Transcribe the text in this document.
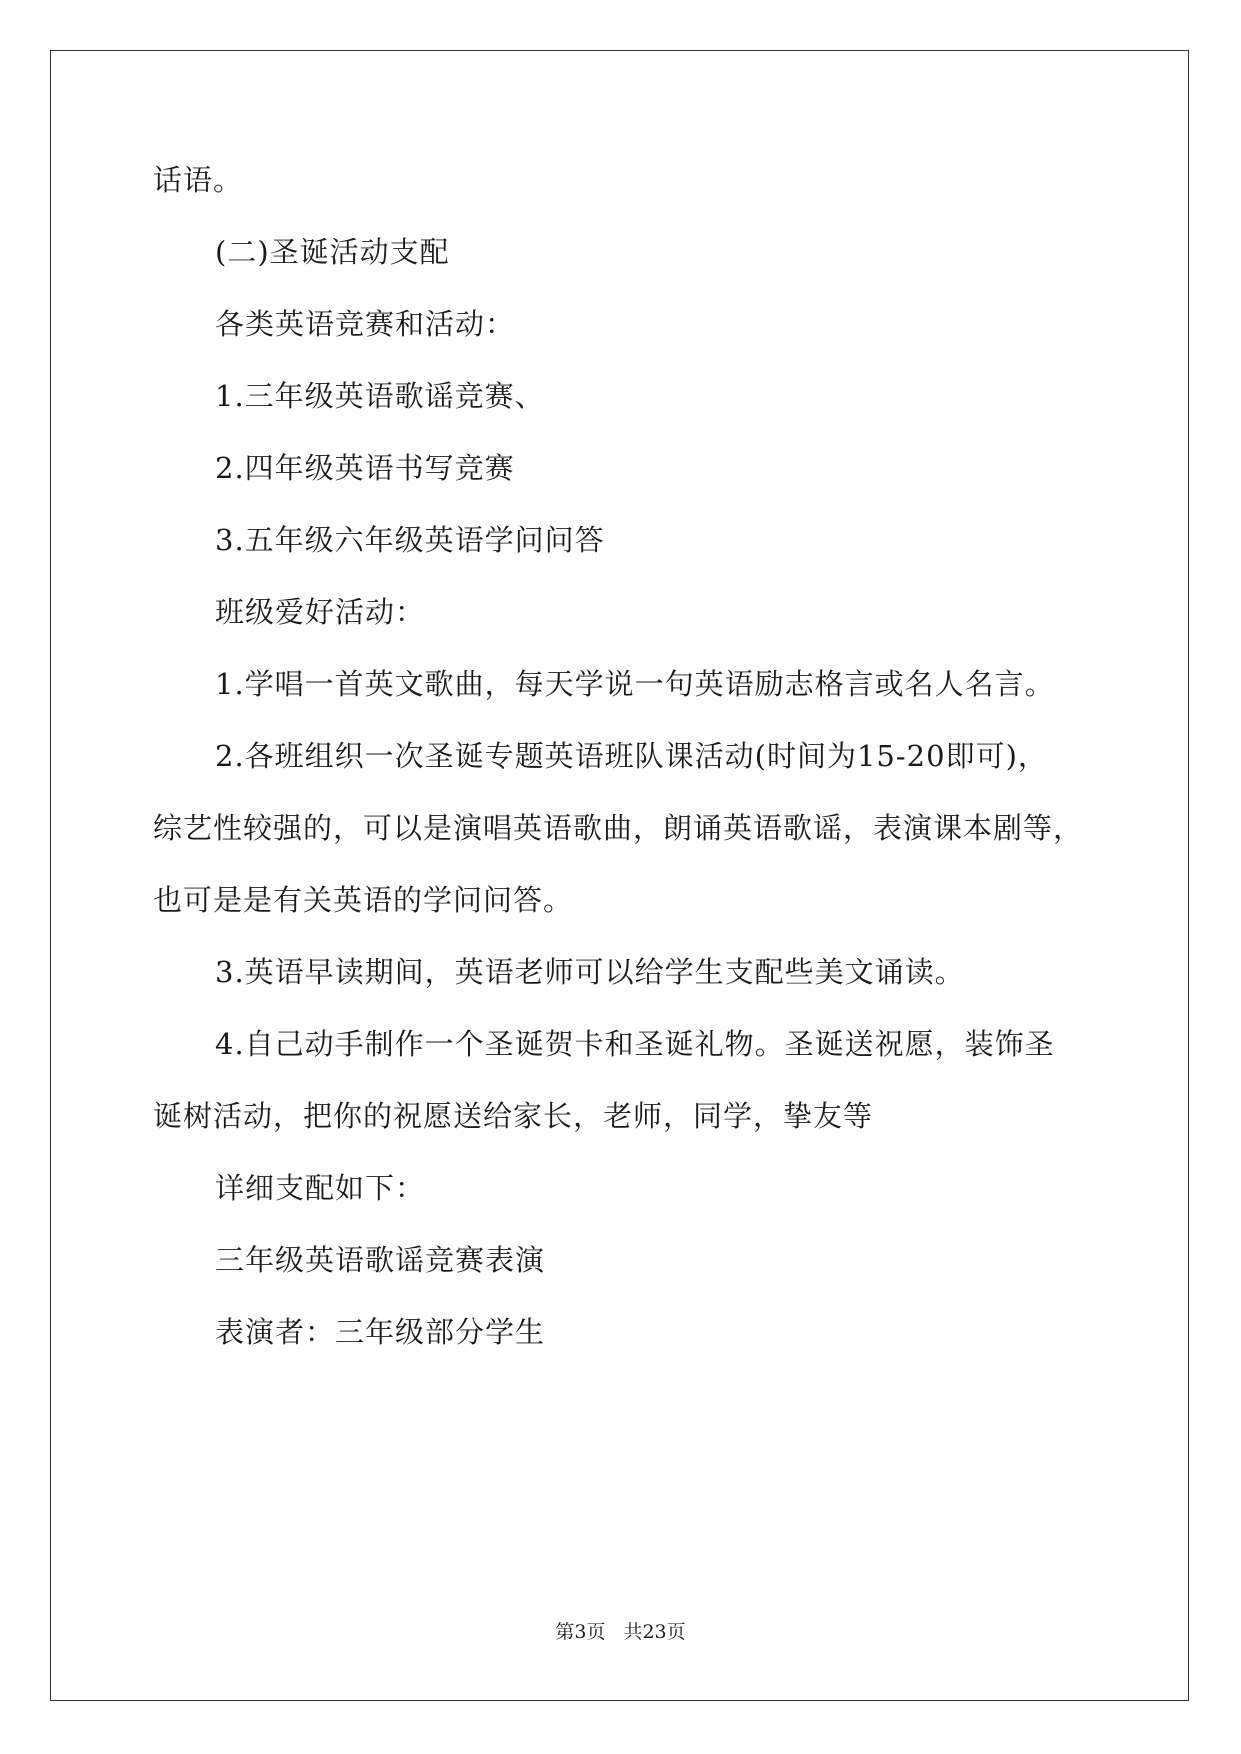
话语。
(二)圣诞活动支配
各类英语竞赛和活动：
1.三年级英语歌谣竞赛、
2.四年级英语书写竞赛
3.五年级六年级英语学问问答
班级爱好活动：
1.学唱一首英文歌曲，每天学说一句英语励志格言或名人名言。
2.各班组织一次圣诞专题英语班队课活动(时间为15-20即可)，
综艺性较强的，可以是演唱英语歌曲，朗诵英语歌谣，表演课本剧等，
也可是是有关英语的学问问答。
3.英语早读期间，英语老师可以给学生支配些美文诵读。
4.自己动手制作一个圣诞贺卡和圣诞礼物。圣诞送祝愿，装饰圣
诞树活动，把你的祝愿送给家长，老师，同学，挚友等
详细支配如下：
三年级英语歌谣竞赛表演
表演者：三年级部分学生
第3页 共23页
